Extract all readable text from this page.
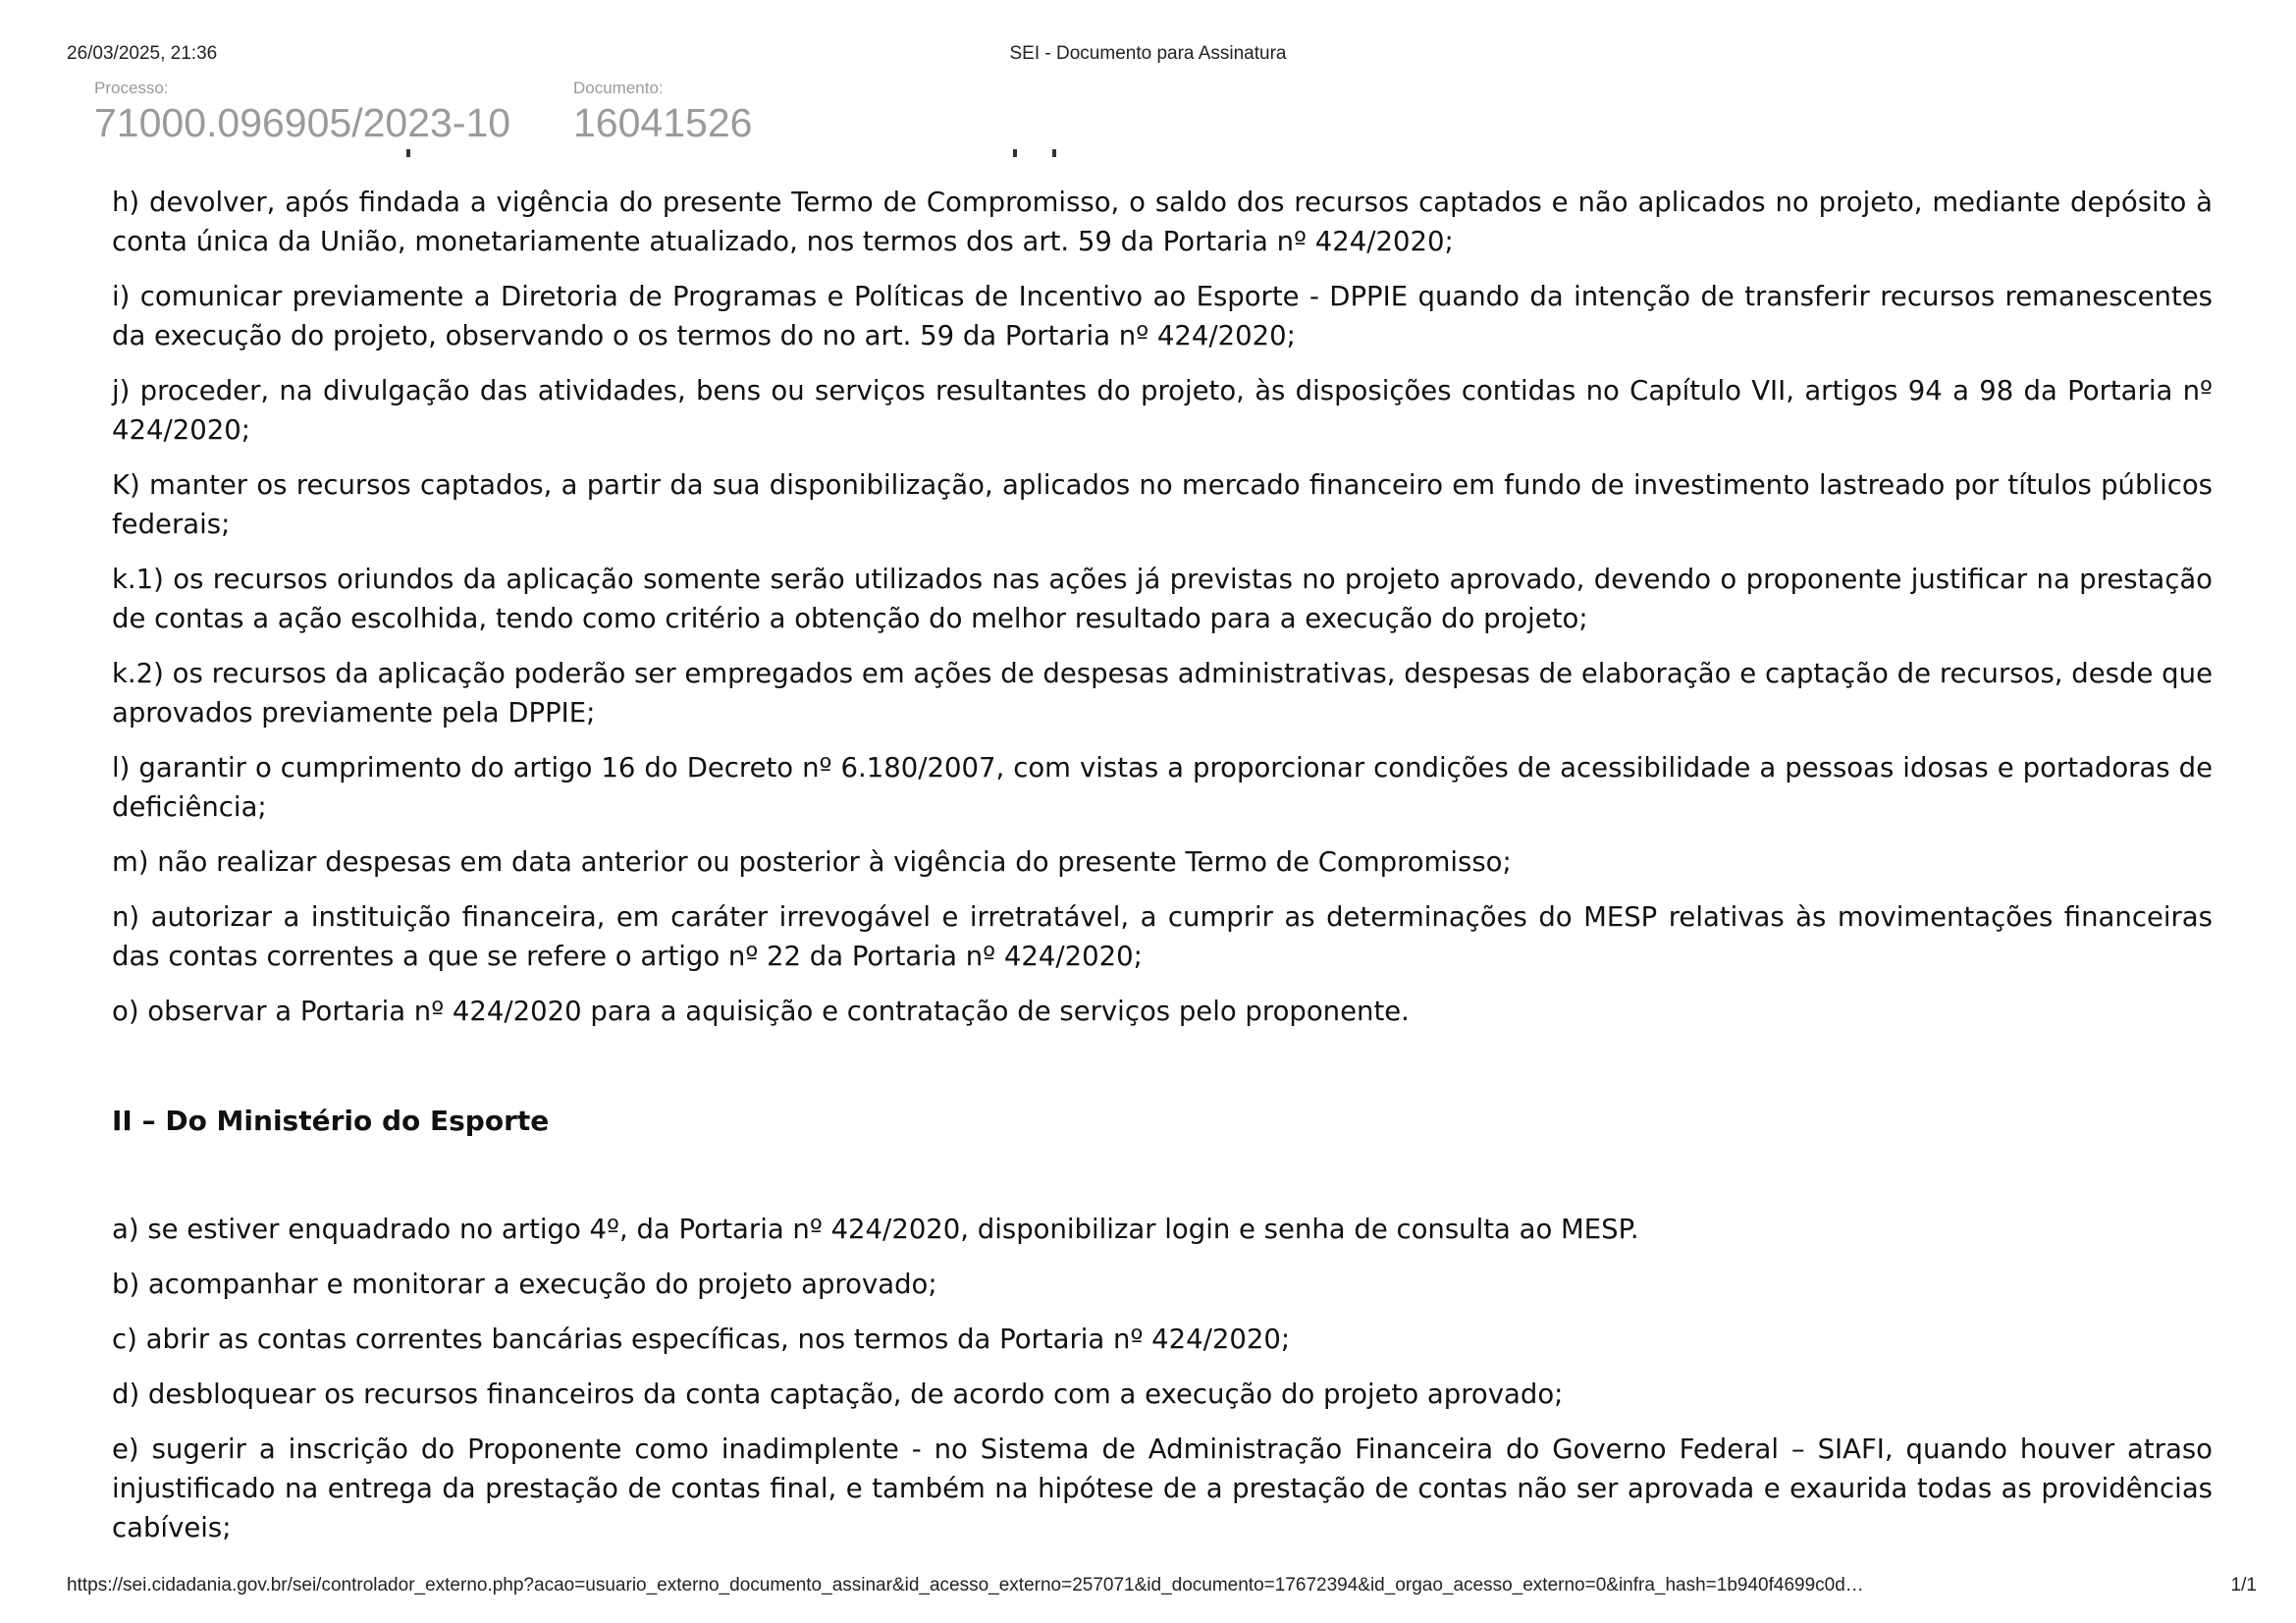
26/03/2025, 21:36	SEI - Documento para Assinatura
Processo:
71000.096905/2023-10
Documento:
16041526

h) devolver, após findada a vigência do presente Termo de Compromisso, o saldo dos recursos captados e não aplicados no projeto, mediante depósito à conta única da União, monetariamente atualizado, nos termos dos art. 59 da Portaria nº 424/2020;

i) comunicar previamente a Diretoria de Programas e Políticas de Incentivo ao Esporte - DPPIE quando da intenção de transferir recursos remanescentes da execução do projeto, observando o os termos do no art. 59 da Portaria nº 424/2020;

j) proceder, na divulgação das atividades, bens ou serviços resultantes do projeto, às disposições contidas no Capítulo VII, artigos 94 a 98 da Portaria nº 424/2020;

K) manter os recursos captados, a partir da sua disponibilização, aplicados no mercado financeiro em fundo de investimento lastreado por títulos públicos federais;

k.1) os recursos oriundos da aplicação somente serão utilizados nas ações já previstas no projeto aprovado, devendo o proponente justificar na prestação de contas a ação escolhida, tendo como critério a obtenção do melhor resultado para a execução do projeto;

k.2) os recursos da aplicação poderão ser empregados em ações de despesas administrativas, despesas de elaboração e captação de recursos, desde que aprovados previamente pela DPPIE;

l) garantir o cumprimento do artigo 16 do Decreto nº 6.180/2007, com vistas a proporcionar condições de acessibilidade a pessoas idosas e portadoras de deficiência;

m) não realizar despesas em data anterior ou posterior à vigência do presente Termo de Compromisso;

n) autorizar a instituição financeira, em caráter irrevogável e irretratável, a cumprir as determinações do MESP relativas às movimentações financeiras das contas correntes a que se refere o artigo nº 22 da Portaria nº 424/2020;

o) observar a Portaria nº 424/2020 para a aquisição e contratação de serviços pelo proponente.

II – Do Ministério do Esporte

a) se estiver enquadrado no artigo 4º, da Portaria nº 424/2020, disponibilizar login e senha de consulta ao MESP.

b) acompanhar e monitorar a execução do projeto aprovado;

c) abrir as contas correntes bancárias específicas, nos termos da Portaria nº 424/2020;

d) desbloquear os recursos financeiros da conta captação, de acordo com a execução do projeto aprovado;

e) sugerir a inscrição do Proponente como inadimplente - no Sistema de Administração Financeira do Governo Federal – SIAFI, quando houver atraso injustificado na entrega da prestação de contas final, e também na hipótese de a prestação de contas não ser aprovada e exaurida todas as providências cabíveis;

https://sei.cidadania.gov.br/sei/controlador_externo.php?acao=usuario_externo_documento_assinar&id_acesso_externo=257071&id_documento=17672394&id_orgao_acesso_externo=0&infra_hash=1b940f4699c0d…	1/1
